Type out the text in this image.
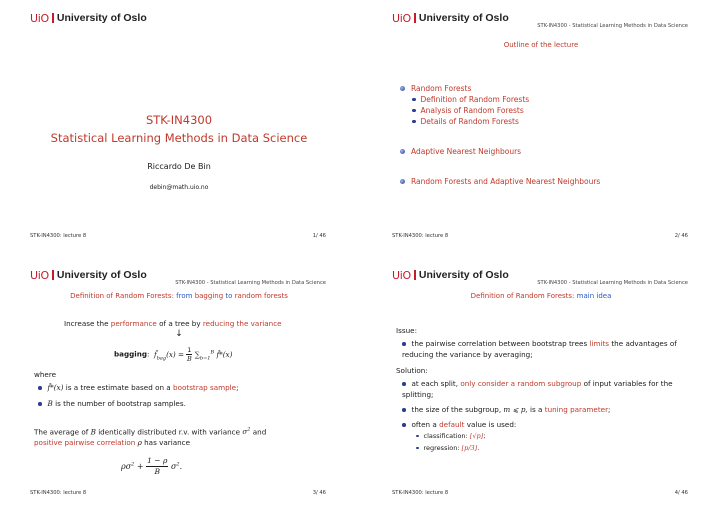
UiO University of Oslo
STK-IN4300
Statistical Learning Methods in Data Science
Riccardo De Bin
debin@math.uio.no
STK-IN4300: lecture 8	1/ 46
UiO University of Oslo
STK-IN4300 - Statistical Learning Methods in Data Science
Outline of the lecture
Random Forests
Definition of Random Forests
Analysis of Random Forests
Details of Random Forests
Adaptive Nearest Neighbours
Random Forests and Adaptive Nearest Neighbours
STK-IN4300: lecture 8	2/ 46
UiO University of Oslo
STK-IN4300 - Statistical Learning Methods in Data Science
Definition of Random Forests: from bagging to random forests
Increase the performance of a tree by reducing the variance
↓
bagging:  $f̂_{bag}(x) = \frac{1}{B} \sum_{b=1}^B$ f̂*(x)
where
f̂*(x) is a tree estimate based on a bootstrap sample;
B is the number of bootstrap samples.
The average of B identically distributed r.v. with variance $\sigma^2$ and
positive pairwise correlation ρ has variance
$\rho\sigma^2 + \frac{1 - \rho}{B} \sigma^2$.
STK-IN4300: lecture 8	3/ 46
UiO University of Oslo
STK-IN4300 - Statistical Learning Methods in Data Science
Definition of Random Forests: main idea
Issue:
the pairwise correlation between bootstrap trees limits the advantages of reducing the variance by averaging;
Solution:
at each split, only consider a random subgroup of input variables for the splitting;
the size of the subgroup, m ⩽ p, is a tuning parameter;
often a default value is used:
classification: ⌊√p⌋;
regression: ⌊p/3⌋.
STK-IN4300: lecture 8	4/ 46
